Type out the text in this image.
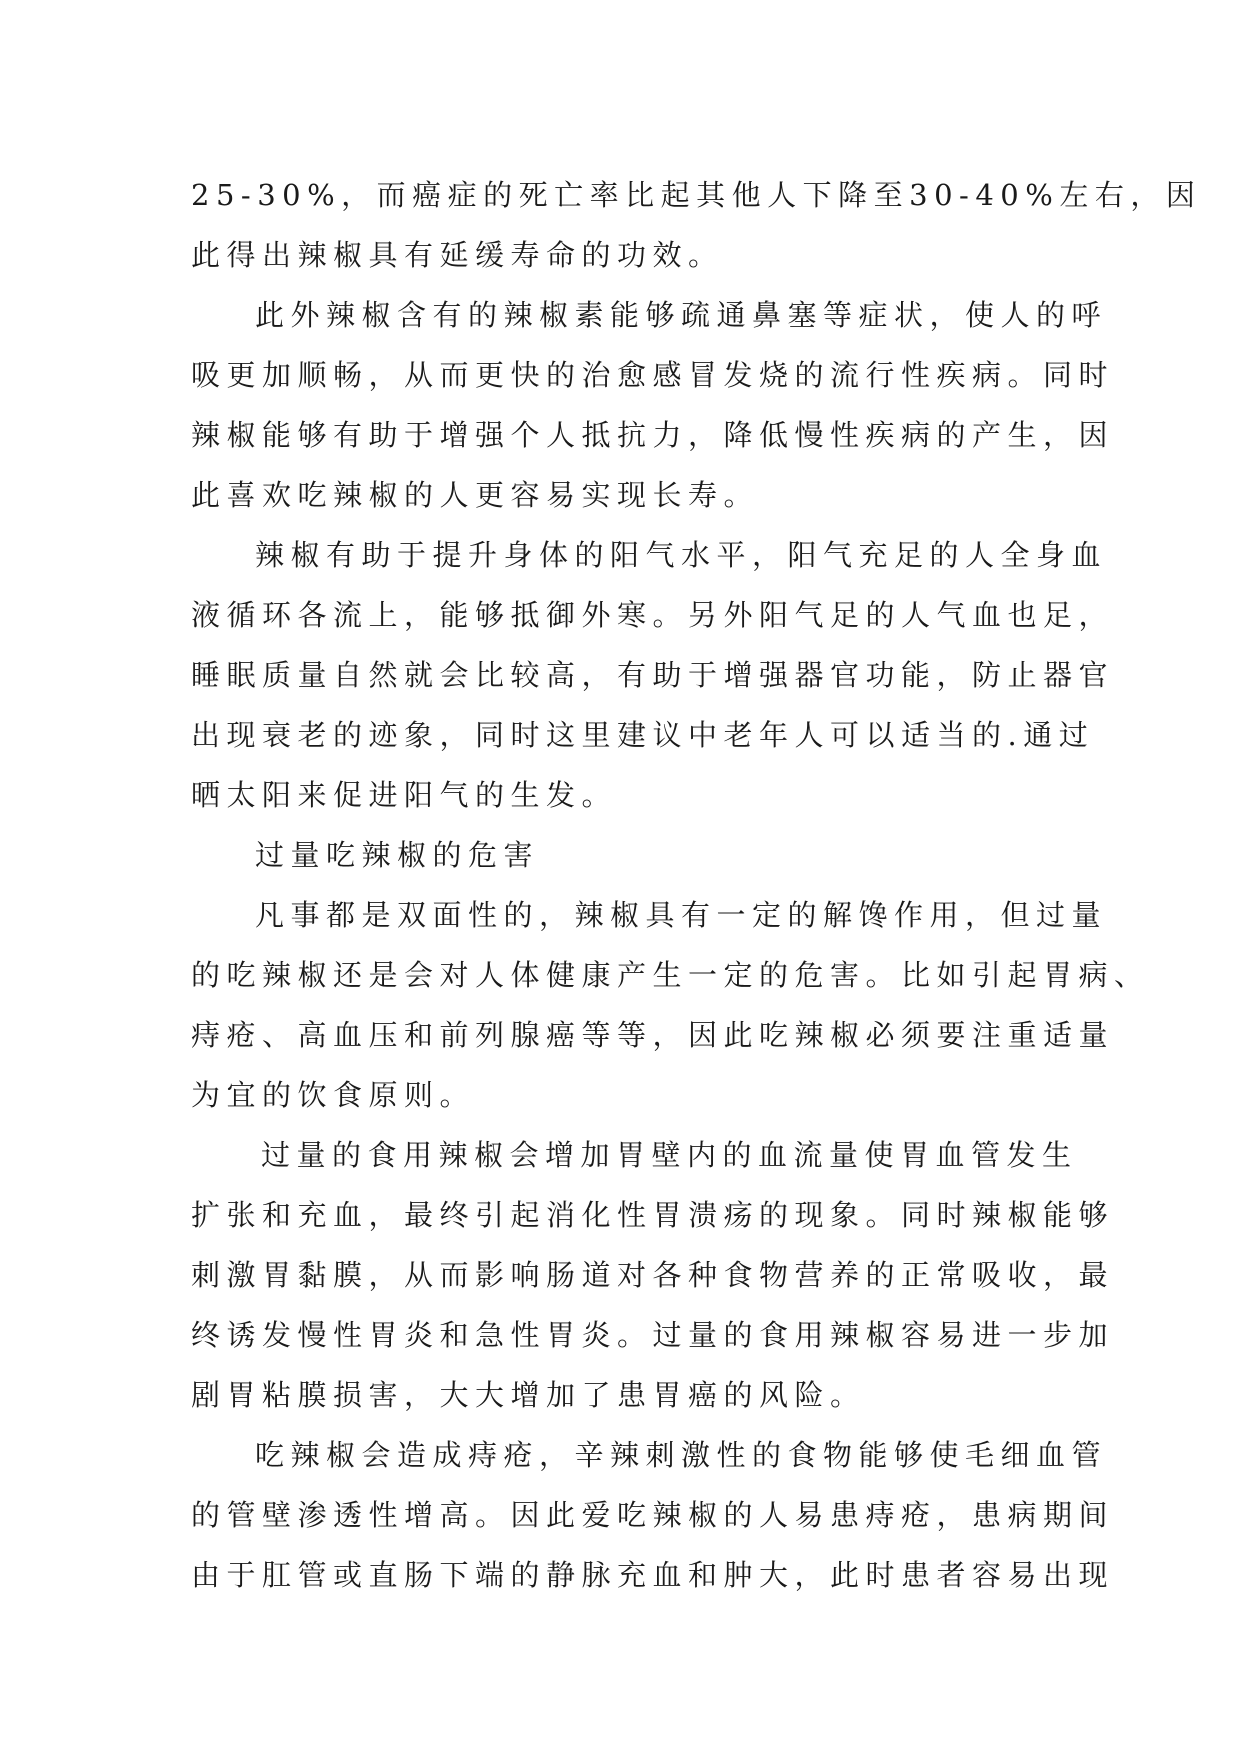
25-30%，而癌症的死亡率比起其他人下降至30-40%左右，因
此得出辣椒具有延缓寿命的功效。
此外辣椒含有的辣椒素能够疏通鼻塞等症状，使人的呼
吸更加顺畅，从而更快的治愈感冒发烧的流行性疾病。同时
辣椒能够有助于增强个人抵抗力，降低慢性疾病的产生，因
此喜欢吃辣椒的人更容易实现长寿。
辣椒有助于提升身体的阳气水平，阳气充足的人全身血
液循环各流上，能够抵御外寒。另外阳气足的人气血也足，
睡眠质量自然就会比较高，有助于增强器官功能，防止器官
出现衰老的迹象，同时这里建议中老年人可以适当的.通过
晒太阳来促进阳气的生发。
过量吃辣椒的危害
凡事都是双面性的，辣椒具有一定的解馋作用，但过量
的吃辣椒还是会对人体健康产生一定的危害。比如引起胃病、
痔疮、高血压和前列腺癌等等，因此吃辣椒必须要注重适量
为宜的饮食原则。
过量的食用辣椒会增加胃壁内的血流量使胃血管发生
扩张和充血，最终引起消化性胃溃疡的现象。同时辣椒能够
刺激胃黏膜，从而影响肠道对各种食物营养的正常吸收，最
终诱发慢性胃炎和急性胃炎。过量的食用辣椒容易进一步加
剧胃粘膜损害，大大增加了患胃癌的风险。
吃辣椒会造成痔疮，辛辣刺激性的食物能够使毛细血管
的管壁渗透性增高。因此爱吃辣椒的人易患痔疮，患病期间
由于肛管或直肠下端的静脉充血和肿大，此时患者容易出现
